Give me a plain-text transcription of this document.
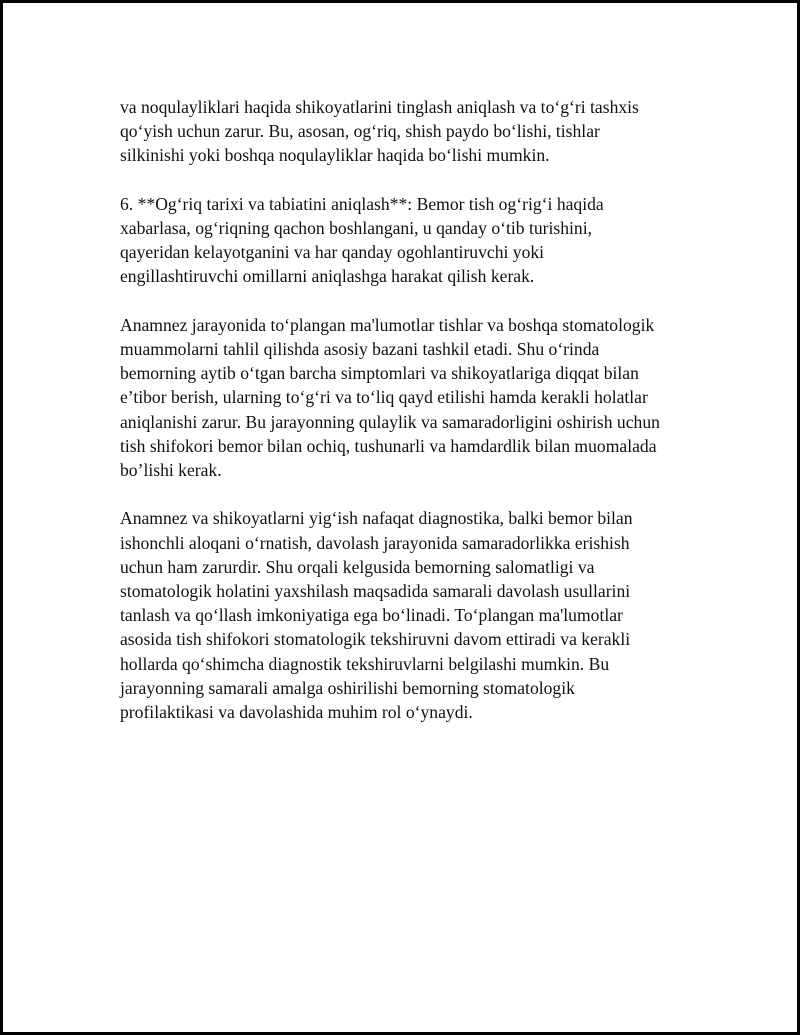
va noqulayliklari haqida shikoyatlarini tinglash aniqlash va to‘g‘ri tashxis
qo‘yish uchun zarur. Bu, asosan, og‘riq, shish paydo bo‘lishi, tishlar
silkinishi yoki boshqa noqulayliklar haqida bo‘lishi mumkin.

6. **Og‘riq tarixi va tabiatini aniqlash**: Bemor tish og‘rig‘i haqida
xabarlasa, og‘riqning qachon boshlangani, u qanday o‘tib turishini,
qayeridan kelayotganini va har qanday ogohlantiruvchi yoki
engillashtiruvchi omillarni aniqlashga harakat qilish kerak.

Anamnez jarayonida to‘plangan ma'lumotlar tishlar va boshqa stomatologik
muammolarni tahlil qilishda asosiy bazani tashkil etadi. Shu o‘rinda
bemorning aytib o‘tgan barcha simptomlari va shikoyatlariga diqqat bilan
e’tibor berish, ularning to‘g‘ri va to‘liq qayd etilishi hamda kerakli holatlar
aniqlanishi zarur. Bu jarayonning qulaylik va samaradorligini oshirish uchun
tish shifokori bemor bilan ochiq, tushunarli va hamdardlik bilan muomalada
bo’lishi kerak.

Anamnez va shikoyatlarni yig‘ish nafaqat diagnostika, balki bemor bilan
ishonchli aloqani o‘rnatish, davolash jarayonida samaradorlikka erishish
uchun ham zarurdir. Shu orqali kelgusida bemorning salomatligi va
stomatologik holatini yaxshilash maqsadida samarali davolash usullarini
tanlash va qo‘llash imkoniyatiga ega bo‘linadi. To‘plangan ma'lumotlar
asosida tish shifokori stomatologik tekshiruvni davom ettiradi va kerakli
hollarda qo‘shimcha diagnostik tekshiruvlarni belgilashi mumkin. Bu
jarayonning samarali amalga oshirilishi bemorning stomatologik
profilaktikasi va davolashida muhim rol o‘ynaydi.
